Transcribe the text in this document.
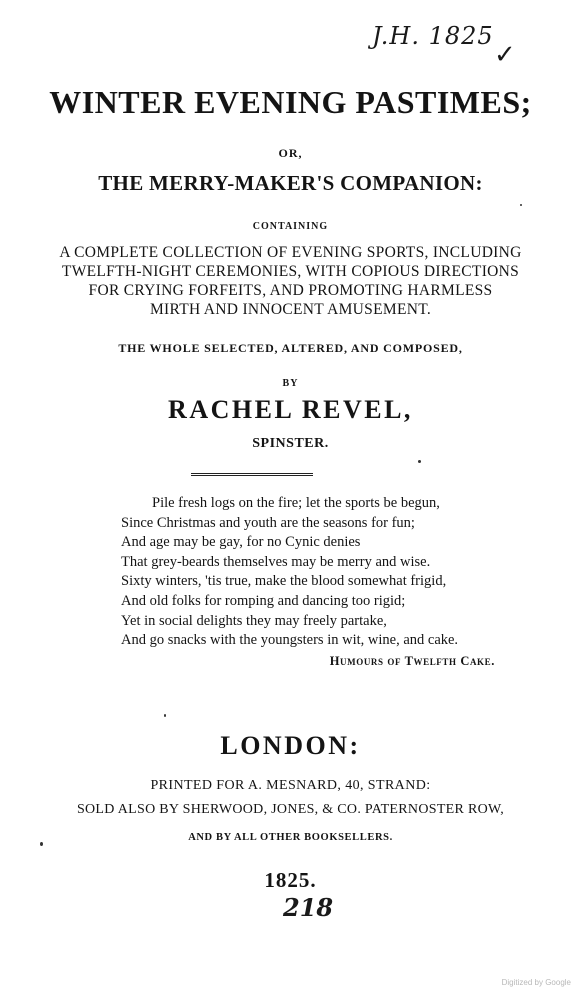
J.H. 1825
✓
WINTER EVENING PASTIMES;
OR,
THE MERRY-MAKER'S COMPANION:
CONTAINING
A COMPLETE COLLECTION OF EVENING SPORTS, INCLUDING
TWELFTH-NIGHT CEREMONIES, WITH COPIOUS DIRECTIONS
FOR CRYING FORFEITS, AND PROMOTING HARMLESS
MIRTH AND INNOCENT AMUSEMENT.
THE WHOLE SELECTED, ALTERED, AND COMPOSED,
BY
RACHEL REVEL,
SPINSTER.
Pile fresh logs on the fire; let the sports be begun,
Since Christmas and youth are the seasons for fun;
And age may be gay, for no Cynic denies
That grey-beards themselves may be merry and wise.
Sixty winters, 'tis true, make the blood somewhat frigid,
And old folks for romping and dancing too rigid;
Yet in social delights they may freely partake,
And go snacks with the youngsters in wit, wine, and cake.
Humours of Twelfth Cake.
LONDON:
PRINTED FOR A. MESNARD, 40, STRAND:
SOLD ALSO BY SHERWOOD, JONES, & CO. PATERNOSTER ROW,
AND BY ALL OTHER BOOKSELLERS.
1825.
218
Digitized by Google
